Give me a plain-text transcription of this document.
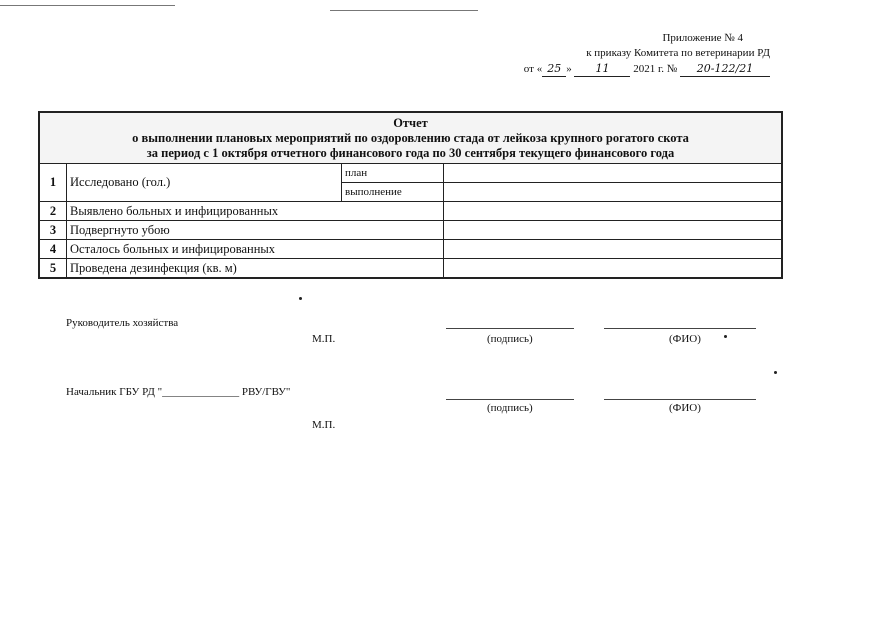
Приложение № 4
к приказу Комитета по ветеринарии РД
от « 25 » 11 2021 г. № 20-122/21
Отчет
о выполнении плановых мероприятий по оздоровлению стада от лейкоза крупного рогатого скота
за период с 1 октября отчетного финансового года по 30 сентября текущего финансового года
1	Исследовано (гол.)	план	
		выполнение	
2	Выявлено больных и инфицированных		
3	Подвергнуто убою		
4	Осталось больных и инфицированных		
5	Проведена дезинфекция (кв. м)		
Руководитель хозяйства
М.П.	(подпись)	(ФИО)
Начальник ГБУ РД "______________ РВУ/ГВУ"
(подпись)	(ФИО)
М.П.
